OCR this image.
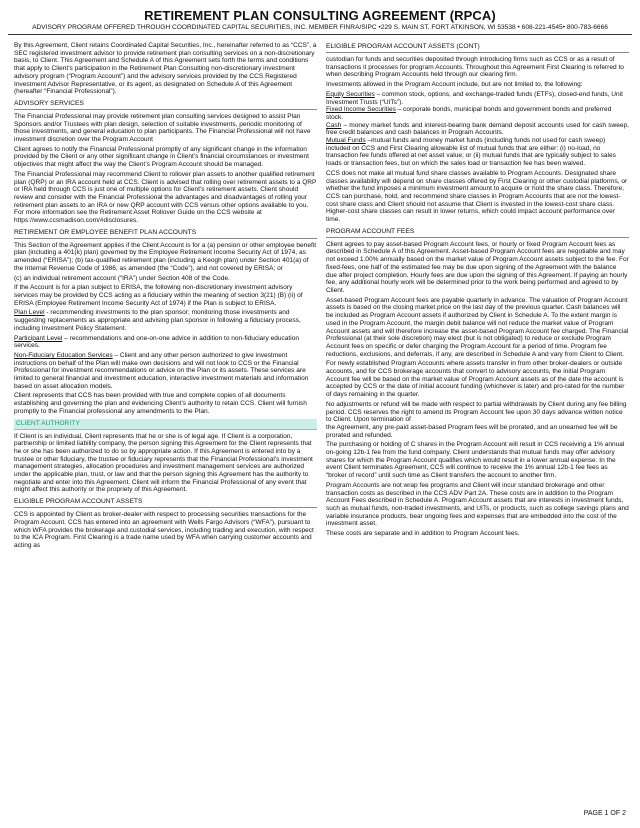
RETIREMENT PLAN CONSULTING AGREEMENT (RPCA)
ADVISORY PROGRAM OFFERED THROUGH COORDINATED CAPITAL SECURITIES, INC. MEMBER FINRA/SIPC •229 S. MAIN ST. FORT ATKINSON, WI 53538 • 608-221-4545• 800-783-6666

By this Agreement, Client retains Coordinated Capital Securities, Inc., hereinafter referred to as “CCS”, a SEC registered investment advisor to provide retirement plan consulting services on a non-discretionary basis, to Client. This Agreement and Schedule A of this Agreement sets forth the terms and conditions that apply to Client’s participation in the Retirement Plan Consulting non-discretionary investment advisory program (“Program Account”) and the advisory services provided by the CCS Registered Investment Advisor Representative, or its agent, as designated on Schedule A of this Agreement (hereafter “Financial Professional”).

ADVISORY SERVICES

The Financial Professional may provide retirement plan consulting services designed to assist Plan Sponsors and/or Trustees with plan design, selection of suitable investments, periodic monitoring of those investments, and general education to plan participants. The Financial Professional will not have investment discretion over the Program Account

Client agrees to notify the Financial Professional promptly of any significant change in the information provided by the Client or any other significant change in Client’s financial circumstances or investment objectives that might affect the way the Client’s Program Account should be managed.

The Financial Professional may recommend Client to rollover plan assets to another qualified retirement plan (QRP) or an IRA account held at CCS. Client is advised that rolling over retirement assets to a QRP or IRA held through CCS is just one of multiple options for Client’s retirement assets. Client should review and consider with the Financial Professional the advantages and disadvantages of rolling your retirement plan assets to an IRA or new QRP account with CCS versus other options available to you. For more information see the Retirement Asset Rollover Guide on the CCS website at https://www.ccsmadison.com/#disclosures.

RETIREMENT OR EMPLOYEE BENEFIT PLAN ACCOUNTS

This Section of the Agreement applies if the Client Account is for a (a) pension or other employee benefit plan (including a 401(k) plan) governed by the Employee Retirement Income Security Act of 1974, as amended (“ERISA”); (b) tax-qualified retirement plan (including a Keogh plan) under Section 401(a) of the Internal Revenue Code of 1986, as amended (the “Code”), and not covered by ERISA; or

(c) an individual retirement account (“IRA”) under Section 408 of the Code.

If the Account is for a plan subject to ERISA, the following non-discretionary investment advisory services may be provided by CCS acting as a fiduciary within the meaning of section 3(21) (B) (ii) of ERISA (Employee Retirement Income Security Act of 1974) if the Plan is subject to ERISA.

Plan Level - recommending investments to the plan sponsor; monitoring those investments and suggesting replacements as appropriate and advising plan sponsor in following a fiduciary process, including Investment Policy Statement.

Participant Level – recommendations and one-on-one advice in addition to non-fiduciary education services.

Non-Fiduciary Education Services – Client and any other person authorized to give investment instructions on behalf of the Plan will make own decisions and will not look to CCS or the Financial Professional for investment recommendations or advice on the Plan or its assets. These services are limited to general financial and investment education, interactive investment materials and information based on asset allocation models.

Client represents that CCS has been provided with true and complete copies of all documents establishing and governing the plan and evidencing Client’s authority to retain CCS. Client will furnish promptly to the Financial professional any amendments to the Plan.

CLIENT AUTHORITY

If Client is an individual, Client represents that he or she is of legal age. If Client is a corporation, partnership or limited liability company, the person signing this Agreement for the Client represents that he or she has been authorized to do so by appropriate action. If this Agreement is entered into by a trustee or other fiduciary, the trustee or fiduciary represents that the Financial Professional’s investment management strategies, allocation procedures and investment management services are authorized under the applicable plan, trust, or law and that the person signing this Agreement has the authority to negotiate and enter into this Agreement. Client will inform the Financial Professional of any event that might affect this authority or the propriety of this Agreement.

ELIGIBLE PROGRAM ACCOUNT ASSETS

CCS is appointed by Client as broker-dealer with respect to processing securities transactions for the Program Account. CCS has entered into an agreement with Wells Fargo Advisors (“WFA”), pursuant to which WFA provides the brokerage and custodial services, including trading and execution, with respect to the ICA Program. First Clearing is a trade name used by WFA when carrying customer accounts and acting as

ELIGIBLE PROGRAM ACCOUNT ASSETS (CONT)

custodian for funds and securities deposited through introducing firms such as CCS or as a result of transactions it processes for program Accounts. Throughout this Agreement First Clearing is referred to when describing Program Accounts held through our clearing firm.

Investments allowed in the Program Account include, but are not limited to, the following:

Equity Securities – common stock, options, and exchange-traded funds (ETFs), closed-end funds, Unit Investment Trusts (“UITs”).

Fixed Income Securities – corporate bonds, municipal bonds and government bonds and preferred stock.

Cash – money market funds and interest-bearing bank demand deposit accounts used for cash sweep, free credit balances and cash balances in Program Accounts.

Mutual Funds –mutual funds and money market funds (including funds not used for cash sweep) included on CCS and First Clearing allowable list of mutual funds that are either: (i) no-load, no transaction fee funds offered at net asset value; or (ii) mutual funds that are typically subject to sales loads or transaction fees, but on which the sales load or transaction fee has been waived.

CCS does not make all mutual fund share classes available to Program Accounts. Designated share classes availability will depend on share classes offered by First Clearing or other custodial platforms, or whether the fund imposes a minimum investment amount to acquire or hold the share class. Therefore, CCS can purchase, hold, and recommend share classes in Program Accounts that are not the lowest-cost share class and Client should not assume that Client is invested in the lowest-cost share class. Higher-cost share classes can result in lower returns, which could impact account performance over time.

PROGRAM ACCOUNT FEES

Client agrees to pay asset-based Program Account fees, or hourly or fixed Program Account fees as described in Schedule A of this Agreement. Asset-based Program Account fees are negotiable and may not exceed 1.00% annually based on the market value of Program Account assets subject to the fee. For fixed-fees, one half of the estimated fee may be due upon signing of the Agreement with the balance due after project completion. Hourly fees are due upon the signing of this Agreement. If paying an hourly fee, any additional hourly work will be determined prior to the work being performed and agreed to by Client.

Asset-based Program Account fees are payable quarterly in advance. The valuation of Program Account assets is based on the closing market price on the last day of the previous quarter. Cash balances will be included as Program Account assets if authorized by Client in Schedule A. To the extent margin is used in the Program Account, the margin debit balance will not reduce the market value of Program Account assets and will therefore increase the asset-based Program Account fee charged. The Financial Professional (at their sole discretion) may elect (but is not obligated) to reduce or exclude Program Account fees on specific or defer charging the Program Account for a period of time. Program fee reductions, exclusions, and deferrals, if any, are described in Schedule A and vary from Client to Client.

For newly established Program Accounts where assets transfer in from other broker-dealers or outside accounts, and for CCS brokerage accounts that convert to advisory accounts, the initial Program Account fee will be based on the market value of Program Account assets as of the date the account is accepted by CCS or the date of initial account funding (whichever is later) and pro-rated for the number of days remaining in the quarter.

No adjustments or refund will be made with respect to partial withdrawals by Client during any fee billing period. CCS reserves the right to amend its Program Account fee upon 30 days advance written notice to Client. Upon termination of

the Agreement, any pre-paid asset-based Program fees will be prorated, and an unearned fee will be prorated and refunded.

The purchasing or holding of C shares in the Program Account will result in CCS receiving a 1% annual on-going 12b-1 fee from the fund company. Client understands that mutual funds may offer advisory shares for which the Program Account qualifies which would result in a lower annual expense. In the event Client terminates Agreement, CCS will continue to receive the 1% annual 12b-1 fee fees as “broker of record” until such time as Client transfers the account to another firm.

Program Accounts are not wrap fee programs and Client will incur standard brokerage and other transaction costs as described in the CCS ADV Part 2A. These costs are in addition to the Program Account Fees described in Schedule A. Program Account assets that are interests in investment funds, such as mutual funds, non-traded investments, and UITs, or products, such as college savings plans and variable insurance products, bear ongoing fees and expenses that are embedded into the cost of the investment asset.

These costs are separate and in addition to Program Account fees.

PAGE 1 OF 2
